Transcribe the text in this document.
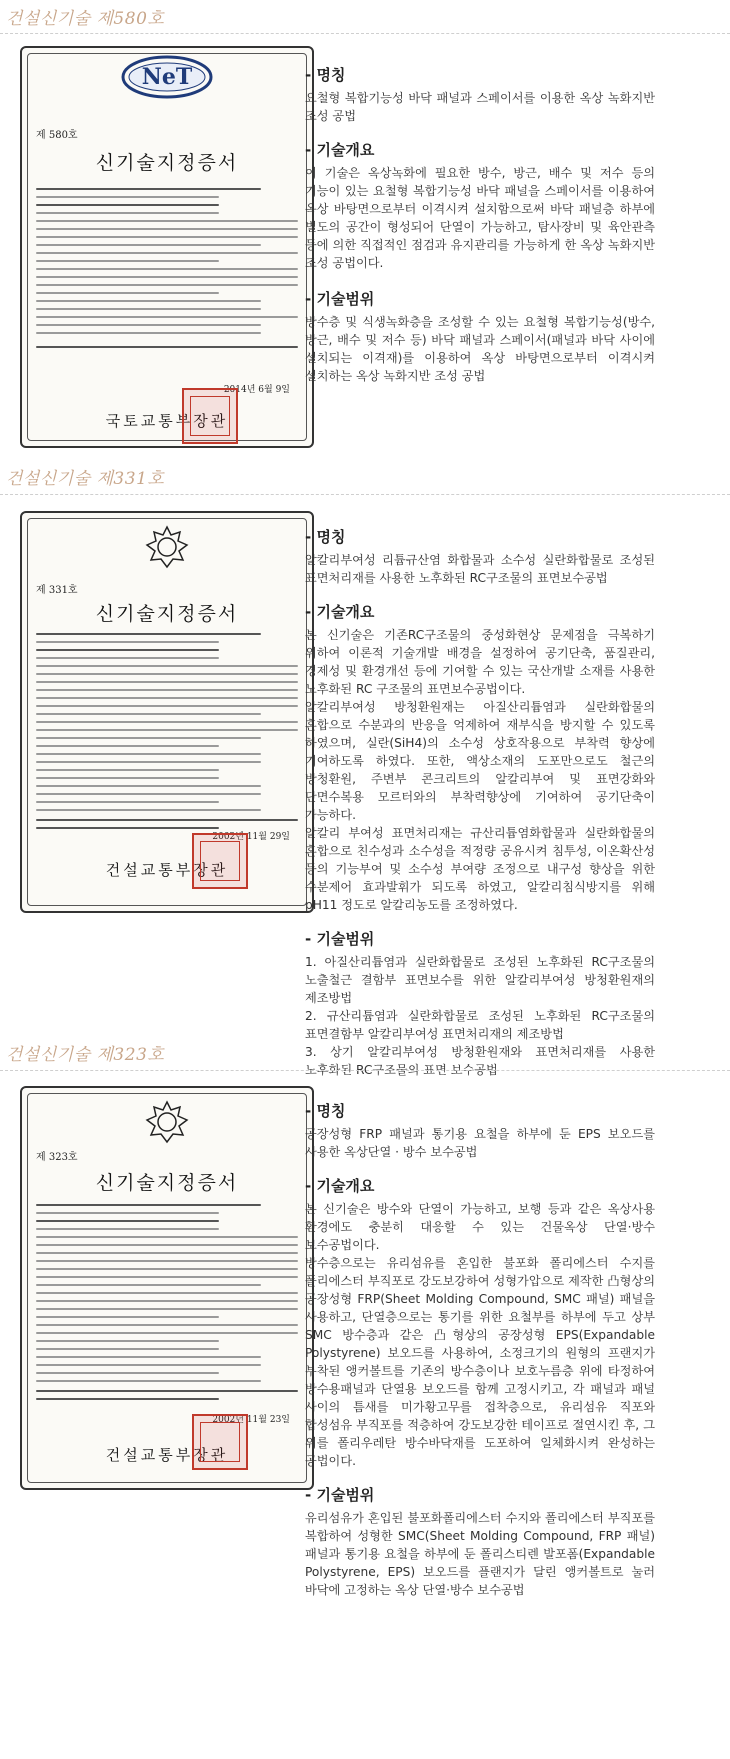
건설신기술 제580호
NeT
제 580호
신기술지정증서
2014년 6월 9일
국토교통부장관
- 명칭
요철형 복합기능성 바닥 패널과 스페이서를 이용한 옥상 녹화지반 조성 공법
- 기술개요
이 기술은 옥상녹화에 필요한 방수, 방근, 배수 및 저수 등의 기능이 있는 요철형 복합기능성 바닥 패널을 스페이서를 이용하여 옥상 바탕면으로부터 이격시켜 설치함으로써 바닥 패널층 하부에 별도의 공간이 형성되어 단열이 가능하고, 탐사장비 및 육안관측 등에 의한 직접적인 점검과 유지관리를 가능하게 한 옥상 녹화지반 조성 공법이다.
- 기술범위
방수층 및 식생녹화층을 조성할 수 있는 요철형 복합기능성(방수, 방근, 배수 및 저수 등) 바닥 패널과 스페이서(패널과 바닥 사이에 설치되는 이격재)를 이용하여 옥상 바탕면으로부터 이격시켜 설치하는 옥상 녹화지반 조성 공법
건설신기술 제331호
제 331호
신기술지정증서
2002년 11월 29일
건설교통부장관
- 명칭
알칼리부여성 리튬규산염 화합물과 소수성 실란화합물로 조성된 표면처리재를 사용한 노후화된 RC구조물의 표면보수공법
- 기술개요
본 신기술은 기존RC구조물의 중성화현상 문제점을 극복하기 위하여 이론적 기술개발 배경을 설정하여 공기단축, 품질관리, 경제성 및 환경개선 등에 기여할 수 있는 국산개발 소재를 사용한 노후화된 RC 구조물의 표면보수공법이다.
알칼리부여성 방청환원재는 아질산리튬염과 실란화합물의 혼합으로 수분과의 반응을 억제하여 재부식을 방지할 수 있도록 하였으며, 실란(SiH4)의 소수성 상호작용으로 부착력 향상에 기여하도록 하였다. 또한, 액상소재의 도포만으로도 철근의 방청환원, 주변부 콘크리트의 알칼리부여 및 표면강화와 단면수복용 모르터와의 부착력향상에 기여하여 공기단축이 가능하다.
알칼리 부여성 표면처리재는 규산리튬염화합물과 실란화합물의 혼합으로 친수성과 소수성을 적정량 공유시켜 침투성, 이온확산성 등의 기능부여 및 소수성 부여량 조정으로 내구성 향상을 위한 수분제어 효과발휘가 되도록 하였고, 알칼리침식방지를 위해 pH11 정도로 알칼리농도를 조정하였다.
- 기술범위
1. 아질산리튬염과 실란화합물로 조성된 노후화된 RC구조물의 노출철근 결함부 표면보수를 위한 알칼리부여성 방청환원재의 제조방법
2. 규산리튬염과 실란화합물로 조성된 노후화된 RC구조물의 표면결함부 알칼리부여성 표면처리재의 제조방법
3. 상기 알칼리부여성 방청환원재와 표면처리재를 사용한 노후화된 RC구조물의 표면 보수공법
건설신기술 제323호
제 323호
신기술지정증서
2002년 11월 23일
건설교통부장관
- 명칭
공장성형 FRP 패널과 통기용 요철을 하부에 둔 EPS 보오드를 사용한 옥상단열 · 방수 보수공법
- 기술개요
본 신기술은 방수와 단열이 가능하고, 보행 등과 같은 옥상사용 환경에도 충분히 대응할 수 있는 건물옥상 단열·방수 보수공법이다.
방수층으로는 유리섬유를 혼입한 불포화 폴리에스터 수지를 폴리에스터 부직포로 강도보강하여 성형가압으로 제작한 凸형상의 공장성형 FRP(Sheet Molding Compound, SMC 패널) 패널을 사용하고, 단열층으로는 통기를 위한 요철부를 하부에 두고 상부 SMC 방수층과 같은 凸형상의 공장성형 EPS(Expandable Polystyrene) 보오드를 사용하여, 소정크기의 원형의 프랜지가 부착된 앵커볼트를 기존의 방수층이나 보호누름층 위에 타정하여 방수용패널과 단열용 보오드를 함께 고정시키고, 각 패널과 패널 사이의 틈새를 미가황고무를 접착층으로, 유리섬유 직포와 합성섬유 부직포를 적층하여 강도보강한 테이프로 절연시킨 후, 그 위를 폴리우레탄 방수바닥재를 도포하여 일체화시켜 완성하는 공법이다.
- 기술범위
유리섬유가 혼입된 불포화폴리에스터 수지와 폴리에스터 부직포를 복합하여 성형한 SMC(Sheet Molding Compound, FRP 패널) 패널과 통기용 요철을 하부에 둔 폴리스티렌 발포폼(Expandable Polystyrene, EPS) 보오드를 플랜지가 달린 앵커볼트로 눌러 바닥에 고정하는 옥상 단열·방수 보수공법
